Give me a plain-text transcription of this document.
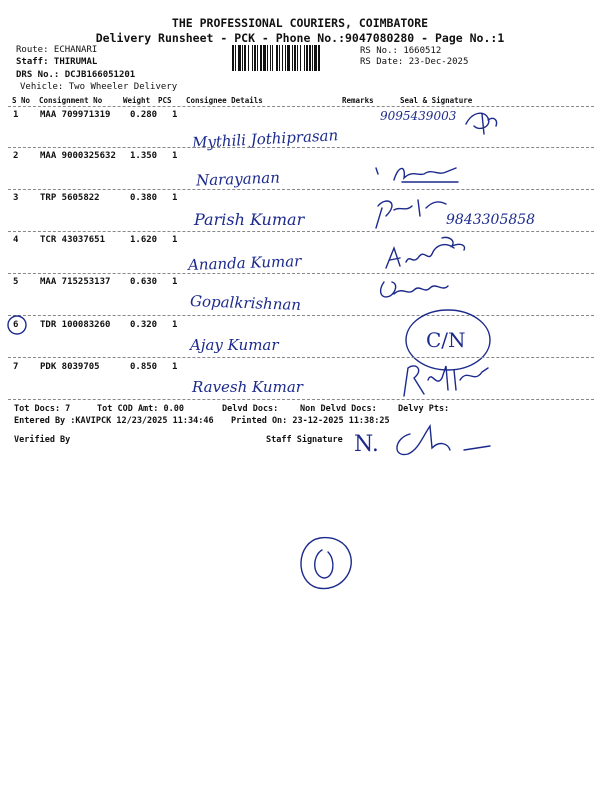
THE PROFESSIONAL COURIERS, COIMBATORE
Delivery Runsheet - PCK - Phone No.:9047080280 - Page No.:1
Route: ECHANARI
Staff: THIRUMAL
DRS No.: DCJB166051201
Vehicle: Two Wheeler Delivery
RS No.: 1660512
RS Date: 23-Dec-2025
S No Consignment No	Weight PCS Consignee Details	Remarks	Seal & Signature
1 MAA 709971319 0.280 1
Mythili Jothiprasan
9095439003
2 MAA 9000325632 1.350 1
Narayanan
3 TRP 5605822	0.380 1
Parish Kumar	9843305858
4 TCR 43037651	1.620 1
Ananda Kumar
5 MAA 715253137 0.630 1
Gopalkrishnan
6 TDR 100083260 0.320 1
Ajay Kumar	C/N
7 PDK 8039705	0.850 1
Ravesh Kumar
Tot Docs: 7	Tot COD Amt: 0.00	Delvd Docs:	Non Delvd Docs: Delvy Pts:
Entered By :KAVIPCK 12/23/2025 11:34:46 Printed On: 23-12-2025 11:38:25
Verified By	Staff Signature N.
